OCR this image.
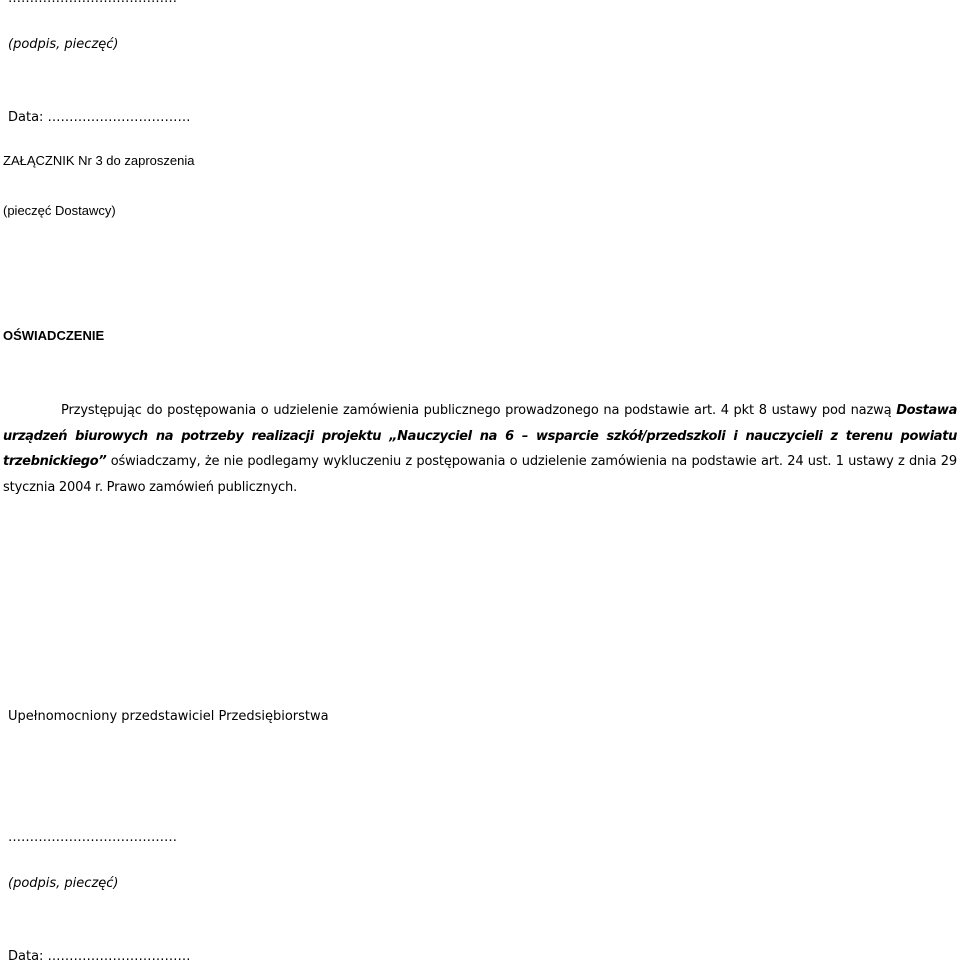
(podpis, pieczęć)
Data: ……………………………
ZAŁĄCZNIK Nr 3 do zaproszenia
(pieczęć Dostawcy)
OŚWIADCZENIE
Przystępując do postępowania o udzielenie zamówienia publicznego prowadzonego na podstawie art. 4 pkt 8 ustawy pod nazwą Dostawa urządzeń biurowych na potrzeby realizacji projektu „Nauczyciel na 6 – wsparcie szkół/przedszkoli i nauczycieli z terenu powiatu trzebnickiego” oświadczamy, że nie podlegamy wykluczeniu z postępowania o udzielenie zamówienia na podstawie art. 24 ust. 1 ustawy z dnia 29 stycznia 2004 r. Prawo zamówień publicznych.
Upełnomocniony przedstawiciel Przedsiębiorstwa
…………………………………
(podpis, pieczęć)
Data: ……………………………
